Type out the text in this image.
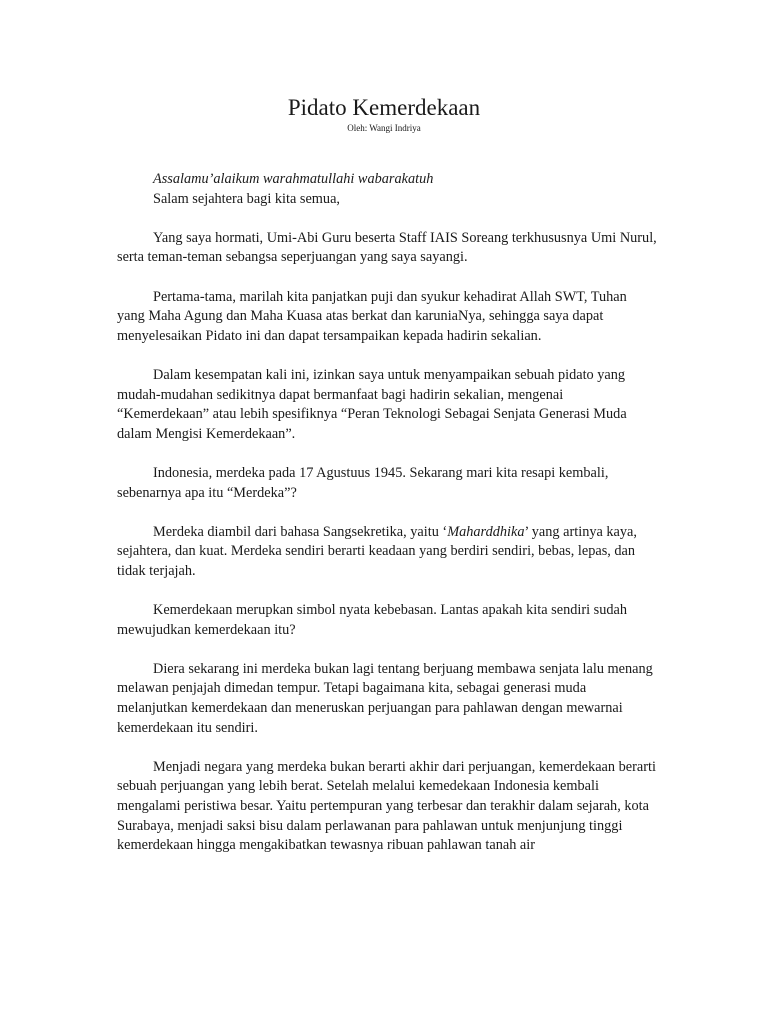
Pidato Kemerdekaan
Oleh: Wangi Indriya

Assalamu’alaikum warahmatullahi wabarakatuh
Salam sejahtera bagi kita semua,

Yang saya hormati, Umi-Abi Guru beserta Staff IAIS Soreang terkhususnya Umi Nurul, serta teman-teman sebangsa seperjuangan yang saya sayangi.

Pertama-tama, marilah kita panjatkan puji dan syukur kehadirat Allah SWT, Tuhan yang Maha Agung dan Maha Kuasa atas berkat dan karuniaNya, sehingga saya dapat menyelesaikan Pidato ini dan dapat tersampaikan kepada hadirin sekalian.

Dalam kesempatan kali ini, izinkan saya untuk menyampaikan sebuah pidato yang mudah-mudahan sedikitnya dapat bermanfaat bagi hadirin sekalian, mengenai “Kemerdekaan” atau lebih spesifiknya “Peran Teknologi Sebagai Senjata Generasi Muda dalam Mengisi Kemerdekaan”.

Indonesia, merdeka pada 17 Agustuus 1945. Sekarang mari kita resapi kembali, sebenarnya apa itu “Merdeka”?

Merdeka diambil dari bahasa Sangsekretika, yaitu ‘Maharddhika’ yang artinya kaya, sejahtera, dan kuat. Merdeka sendiri berarti keadaan yang berdiri sendiri, bebas, lepas, dan tidak terjajah.

Kemerdekaan merupkan simbol nyata kebebasan. Lantas apakah kita sendiri sudah mewujudkan kemerdekaan itu?

Diera sekarang ini merdeka bukan lagi tentang berjuang membawa senjata lalu menang melawan penjajah dimedan tempur. Tetapi bagaimana kita, sebagai generasi muda melanjutkan kemerdekaan dan meneruskan perjuangan para pahlawan dengan mewarnai kemerdekaan itu sendiri.

Menjadi negara yang merdeka bukan berarti akhir dari perjuangan, kemerdekaan berarti sebuah perjuangan yang lebih berat. Setelah melalui kemedekaan Indonesia kembali mengalami peristiwa besar. Yaitu pertempuran yang terbesar dan terakhir dalam sejarah, kota Surabaya, menjadi saksi bisu dalam perlawanan para pahlawan untuk menjunjung tinggi kemerdekaan hingga mengakibatkan tewasnya ribuan pahlawan tanah air
